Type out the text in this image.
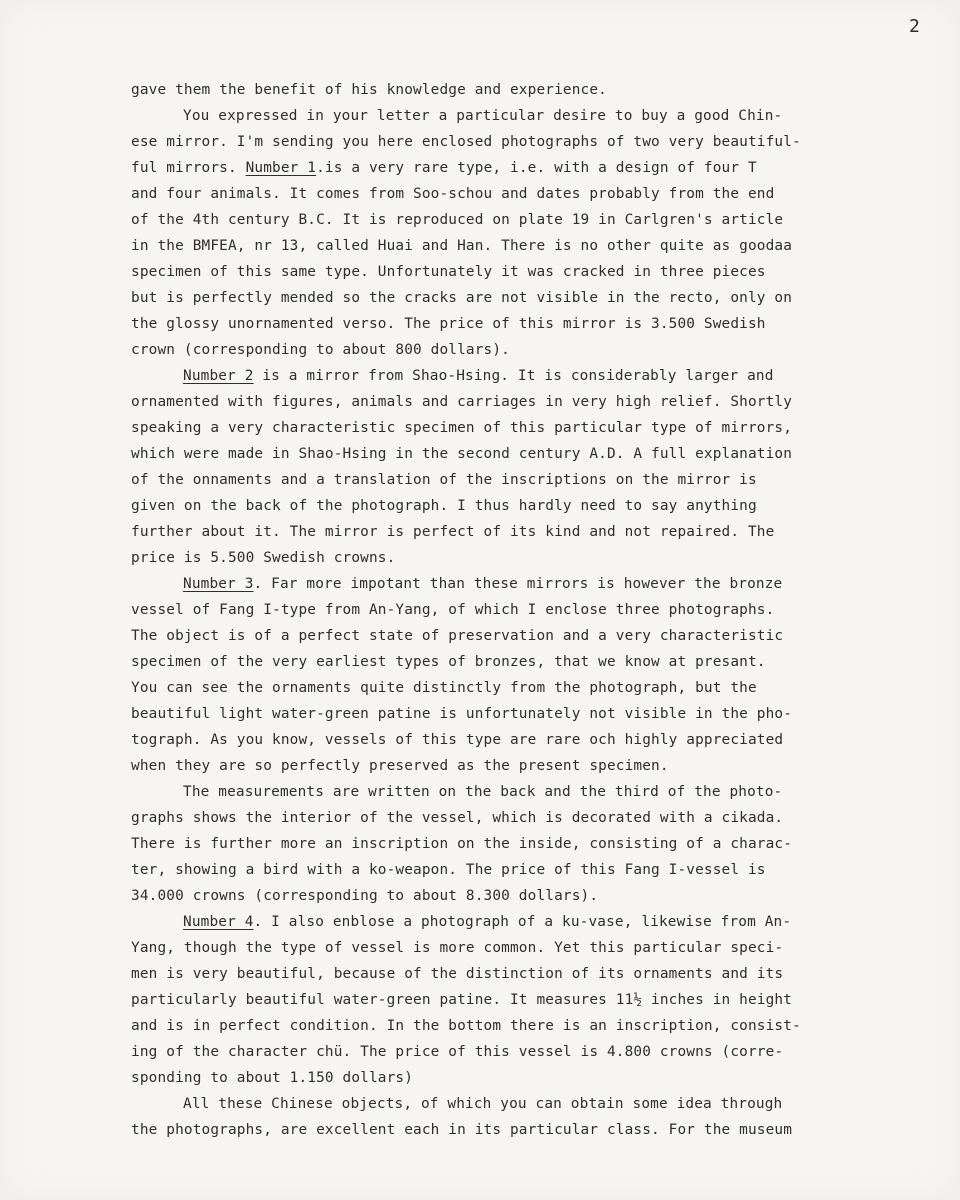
2
gave them the benefit of his knowledge and experience.
You expressed in your letter a particular desire to buy a good Chin-
ese mirror. I'm sending you here enclosed photographs of two very beautiful-
ful mirrors. Number 1.is a very rare type, i.e. with a design of four T
and four animals. It comes from Soo-schou and dates probably from the end
of the 4th century B.C. It is reproduced on plate 19 in Carlgren's article
in the BMFEA, nr 13, called Huai and Han. There is no other quite as goodaa
specimen of this same type. Unfortunately it was cracked in three pieces
but is perfectly mended so the cracks are not visible in the recto, only on
the glossy unornamented verso. The price of this mirror is 3.500 Swedish
crown (corresponding to about 800 dollars).
Number 2 is a mirror from Shao-Hsing. It is considerably larger and
ornamented with figures, animals and carriages in very high relief. Shortly
speaking a very characteristic specimen of this particular type of mirrors,
which were made in Shao-Hsing in the second century A.D. A full explanation
of the onnaments and a translation of the inscriptions on the mirror is
given on the back of the photograph. I thus hardly need to say anything
further about it. The mirror is perfect of its kind and not repaired. The
price is 5.500 Swedish crowns.
Number 3. Far more impotant than these mirrors is however the bronze
vessel of Fang I-type from An-Yang, of which I enclose three photographs.
The object is of a perfect state of preservation and a very characteristic
specimen of the very earliest types of bronzes, that we know at presant.
You can see the ornaments quite distinctly from the photograph, but the
beautiful light water-green patine is unfortunately not visible in the pho-
tograph. As you know, vessels of this type are rare och highly appreciated
when they are so perfectly preserved as the present specimen.
The measurements are written on the back and the third of the photo-
graphs shows the interior of the vessel, which is decorated with a cikada.
There is further more an inscription on the inside, consisting of a charac-
ter, showing a bird with a ko-weapon. The price of this Fang I-vessel is
34.000 crowns (corresponding to about 8.300 dollars).
Number 4. I also enblose a photograph of a ku-vase, likewise from An-
Yang, though the type of vessel is more common. Yet this particular speci-
men is very beautiful, because of the distinction of its ornaments and its
particularly beautiful water-green patine. It measures 11½ inches in height
and is in perfect condition. In the bottom there is an inscription, consist-
ing of the character chü. The price of this vessel is 4.800 crowns (corre-
sponding to about 1.150 dollars)
All these Chinese objects, of which you can obtain some idea through
the photographs, are excellent each in its particular class. For the museum
